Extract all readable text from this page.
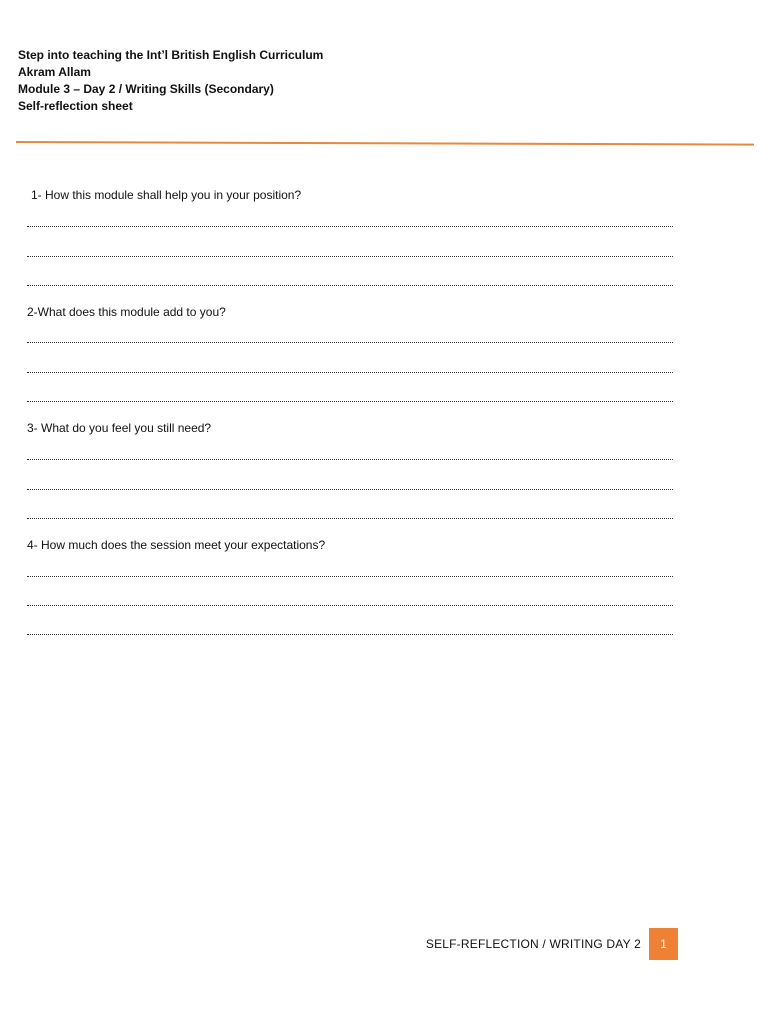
Step into teaching the Int’l British English Curriculum
Akram Allam
Module 3 – Day 2 / Writing Skills (Secondary)
Self-reflection sheet
1- How this module shall help you in your position?
2-What does this module add to you?
3- What do you feel you still need?
4- How much does the session meet your expectations?
SELF-REFLECTION / WRITING DAY 2	1
